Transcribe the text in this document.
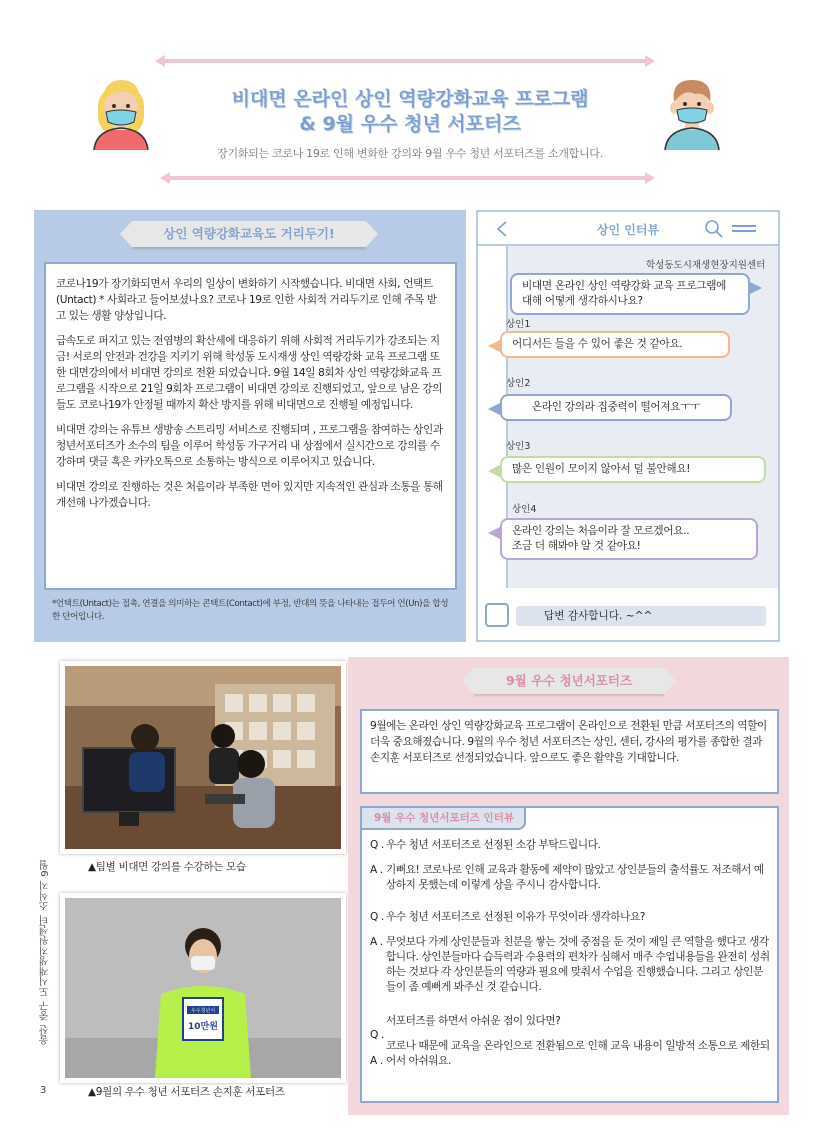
비대면 온라인 상인 역량강화교육 프로그램
& 9월 우수 청년 서포터즈
장기화되는 코로나 19로 인해 변화한 강의와 9월 우수 청년 서포터즈를 소개합니다.
상인 역량강화교육도 거리두기!

코로나19가 장기화되면서 우리의 일상이 변화하기 시작했습니다. 비대면 사회, 언택트(Untact) * 사회라고 들어보셨나요? 코로나 19로 인한 사회적 거리두기로 인해 주목 받고 있는 생활 양상입니다.

급속도로 퍼지고 있는 전염병의 확산세에 대응하기 위해 사회적 거리두기가 강조되는 지금! 서로의 안전과 건강을 지키기 위해 학성동 도시재생 상인 역량강화 교육 프로그램 또한 대면강의에서 비대면 강의로 전환 되었습니다. 9월 14일 8회차 상인 역량강화교육 프로그램을 시작으로 21일 9회차 프로그램이 비대면 강의로 진행되었고, 앞으로 남은 강의들도 코로나19가 안정될 때까지 확산 방지를 위해 비대면으로 진행될 예정입니다.

비대면 강의는 유튜브 생방송 스트리밍 서비스로 진행되며 , 프로그램을 참여하는 상인과 청년서포터즈가 소수의 팀을 이루어 학성동 가구거리 내 상점에서 실시간으로 강의를 수강하며 댓글 혹은 카카오톡으로 소통하는 방식으로 이루어지고 있습니다.

비대면 강의로 진행하는 것은 처음이라 부족한 면이 있지만 지속적인 관심과 소통을 통해 개선해 나가겠습니다.

*언택트(Untact)는 접촉, 연결을 의미하는 콘택트(Contact)에 부정, 반대의 뜻을 나타내는 접두어 언(Un)을 합성한 단어입니다.
상인 인터뷰
학성동도시재생현장지원센터
비대면 온라인 상인 역량강화 교육 프로그램에 대해 어떻게 생각하시나요?
상인1
어디서든 들을 수 있어 좋은 것 같아요.
상인2
온라인 강의라 집중력이 떨어져요ㅜㅜ
상인3
많은 인원이 모이지 않아서 덜 불안해요!
상인4
온라인 강의는 처음이라 잘 모르겠어요..
조금 더 해봐야 알 것 같아요!
답변 감사합니다. ~^^
▲팀별 비대면 강의를 수강하는 모습
우수청년서
10만원
▲9월의 우수 청년 서포터즈 손지훈 서포터즈
울산 중구 도시재생지원센터 소식지 9월
3
9월 우수 청년서포터즈

9월에는 온라인 상인 역량강화교육 프로그램이 온라인으로 전환된 만큼 서포터즈의 역할이 더욱 중요해졌습니다. 9월의 우수 청년 서포터즈는 상인, 센터, 강사의 평가를 종합한 결과 손지훈 서포터즈로 선정되었습니다. 앞으로도 좋은 활약을 기대합니다.

9월 우수 청년서포터즈 인터뷰
Q . 우수 청년 서포터즈로 선정된 소감 부탁드립니다.
A . 기뻐요! 코로나로 인해 교육과 활동에 제약이 많았고 상인분들의 출석률도 저조해서 예상하지 못했는데 이렇게 상을 주시니 감사합니다.
Q . 우수 청년 서포터즈로 선정된 이유가 무엇이라 생각하나요?
A . 무엇보다 가게 상인분들과 친분을 쌓는 것에 중점을 둔 것이 제일 큰 역할을 했다고 생각합니다. 상인분들마다 습득력과 수용력의 편차가 심해서 매주 수업내용들을 완전히 성취하는 것보다 각 상인분들의 역량과 필요에 맞춰서 수업을 진행했습니다. 그리고 상인분들이 좀 예뻐게 봐주신 것 같습니다.
Q .
서포터즈를 하면서 아쉬운 점이 있다면?
A .
코로나 때문에 교육을 온라인으로 전환됨으로 인해 교육 내용이 일방적 소통으로 제한되어서 아쉬워요.
